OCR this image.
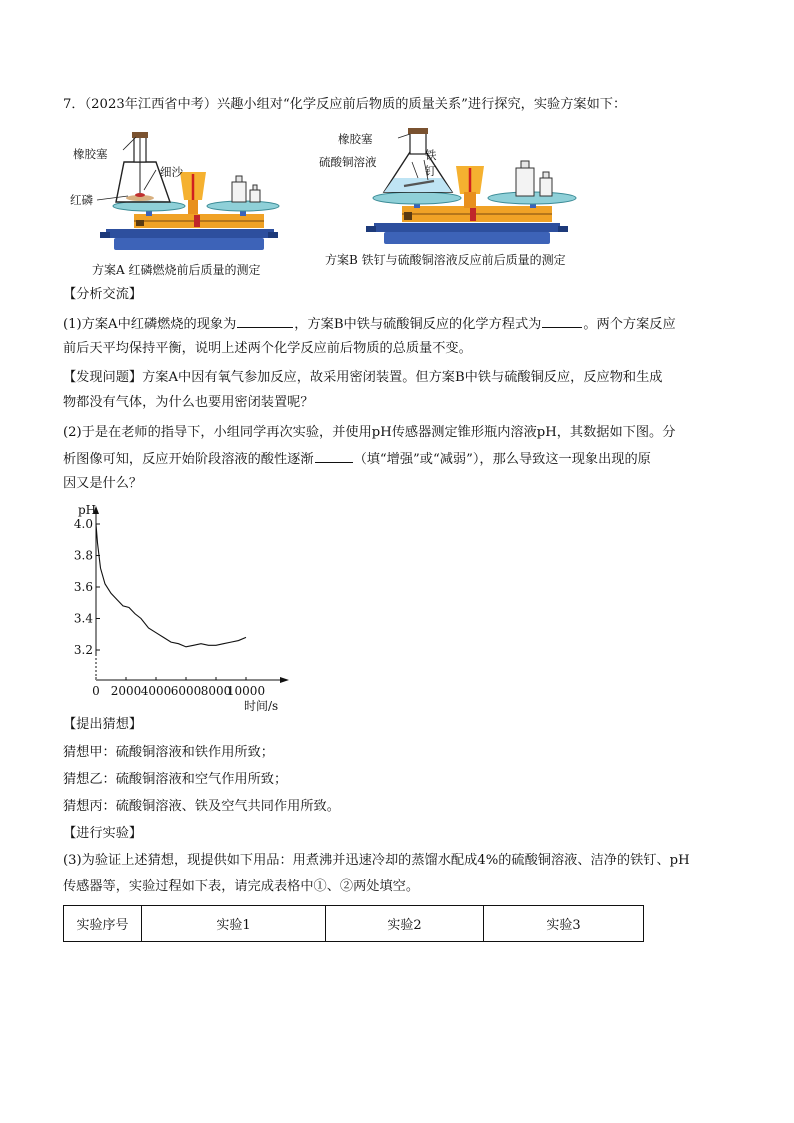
7．（2023年江西省中考）兴趣小组对“化学反应前后物质的质量关系”进行探究，实验方案如下：
橡胶塞
细沙
红磷
方案A 红磷燃烧前后质量的测定
橡胶塞
硫酸铜溶液	铁
钉
方案B 铁钉与硫酸铜溶液反应前后质量的测定
【分析交流】
(1)方案A中红磷燃烧的现象为	，方案B中铁与硫酸铜反应的化学方程式为	。两个方案反应
前后天平均保持平衡，说明上述两个化学反应前后物质的总质量不变。
【发现问题】方案A中因有氧气参加反应，故采用密闭装置。但方案B中铁与硫酸铜反应，反应物和生成
物都没有气体，为什么也要用密闭装置呢？
(2)于是在老师的指导下，小组同学再次实验，并使用pH传感器测定锥形瓶内溶液pH，其数据如下图。分
析图像可知，反应开始阶段溶液的酸性逐渐	（填“增强”或“减弱”），那么导致这一现象出现的原
因又是什么？
4.0
3.8
3.6
3.4
3.2
0 2000 4000 6000 8000
10000
pH
时间/s
【提出猜想】
猜想甲：硫酸铜溶液和铁作用所致；
猜想乙：硫酸铜溶液和空气作用所致；
猜想丙：硫酸铜溶液、铁及空气共同作用所致。
【进行实验】
(3)为验证上述猜想，现提供如下用品：用煮沸并迅速冷却的蒸馏水配成4%的硫酸铜溶液、洁净的铁钉、pH
传感器等，实验过程如下表，请完成表格中①、②两处填空。
实验序号	实验1	实验2	实验3
